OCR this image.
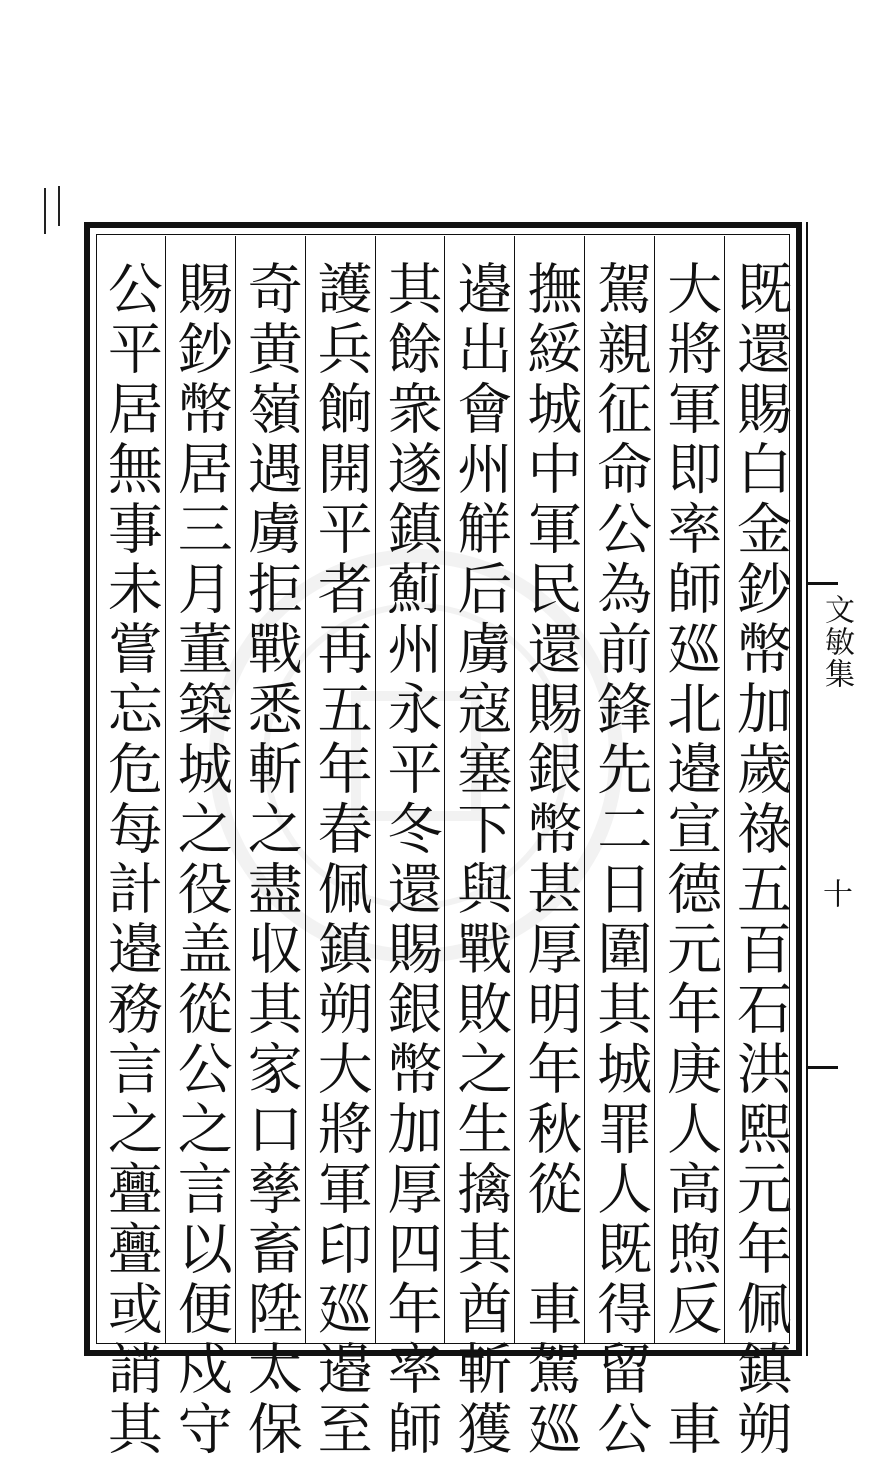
既還賜白金鈔幣加歲祿五百石洪熙元年佩鎮朔
大將軍即率師廵北邉宣德元年庚人高煦反　車
駕親征命公為前鋒先二日圍其城罪人既得留公
撫綏城中軍民還賜銀幣甚厚明年秋從　車駕廵
邉出會州觧后虜寇塞下與戰敗之生擒其酋斬獲
其餘衆遂鎮薊州永平冬還賜銀幣加厚四年率師
護兵餉開平者再五年春佩鎮朔大將軍印廵邉至
奇黄嶺遇虜拒戰悉斬之盡収其家口孳畜陞太保
賜鈔幣居三月董築城之役盖從公之言以便戍守
公平居無事未嘗忘危每計邉務言之亹亹或誚其	文敏集
十
